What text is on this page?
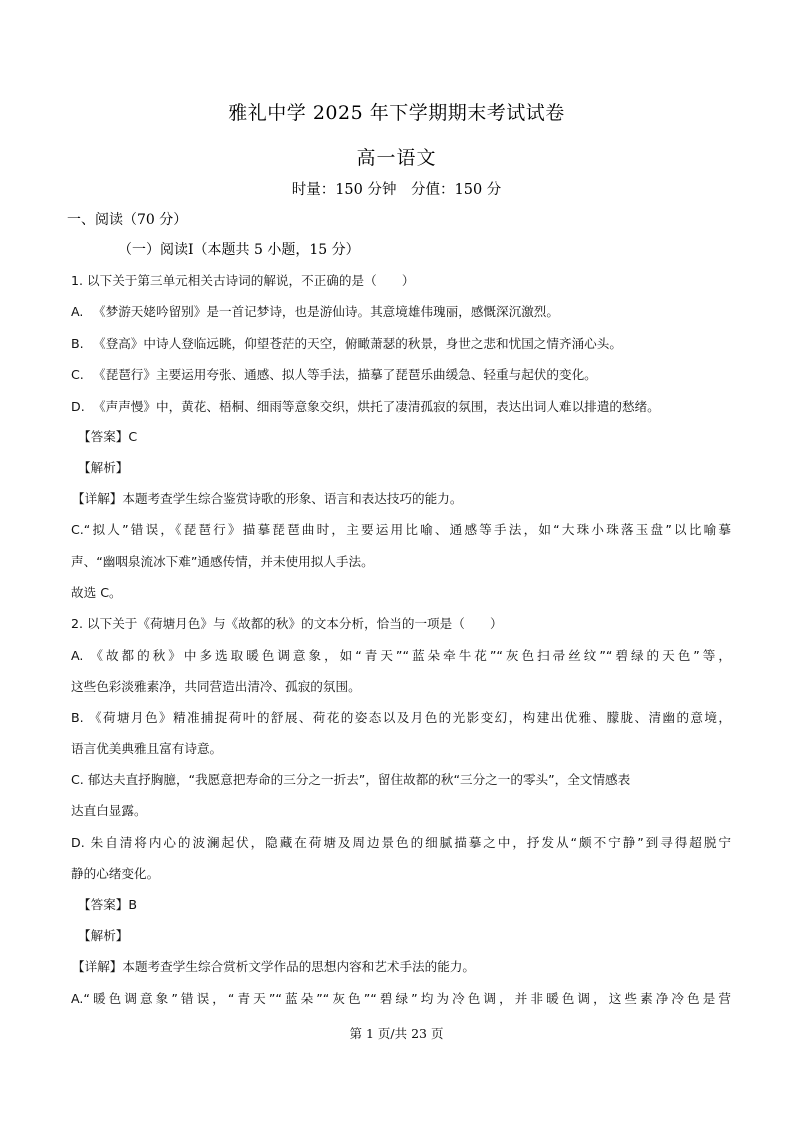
雅礼中学 2025 年下学期期末考试试卷
高一语文
时量：150 分钟　分值：150 分
一、阅读（70 分）
（一）阅读Ⅰ（本题共 5 小题，15 分）
1. 以下关于第三单元相关古诗词的解说，不正确的是（　　）
A. 《梦游天姥吟留别》是一首记梦诗，也是游仙诗。其意境雄伟瑰丽，感慨深沉激烈。
B. 《登高》中诗人登临远眺，仰望苍茫的天空，俯瞰萧瑟的秋景，身世之悲和忧国之情齐涌心头。
C. 《琵琶行》主要运用夸张、通感、拟人等手法，描摹了琵琶乐曲缓急、轻重与起伏的变化。
D. 《声声慢》中，黄花、梧桐、细雨等意象交织，烘托了凄清孤寂的氛围，表达出词人难以排遣的愁绪。
【答案】C
【解析】
【详解】本题考查学生综合鉴赏诗歌的形象、语言和表达技巧的能力。
C.“拟人”错误，《琵琶行》描摹琵琶曲时，主要运用比喻、通感等手法，如“大珠小珠落玉盘”以比喻摹
声、“幽咽泉流冰下难”通感传情，并未使用拟人手法。
故选 C。
2. 以下关于《荷塘月色》与《故都的秋》的文本分析，恰当的一项是（　　）
A. 《故都的秋》中多选取暖色调意象，如“青天”“蓝朵牵牛花”“灰色扫帚丝纹”“碧绿的天色”等，
这些色彩淡雅素净，共同营造出清冷、孤寂的氛围。
B. 《荷塘月色》精准捕捉荷叶的舒展、荷花的姿态以及月色的光影变幻，构建出优雅、朦胧、清幽的意境，
语言优美典雅且富有诗意。
C. 郁达夫直抒胸臆，“我愿意把寿命的三分之一折去”，留住故都的秋“三分之一的零头”，全文情感表
达直白显露。
D. 朱自清将内心的波澜起伏，隐藏在荷塘及周边景色的细腻描摹之中，抒发从“颇不宁静”到寻得超脱宁
静的心绪变化。
【答案】B
【解析】
【详解】本题考查学生综合赏析文学作品的思想内容和艺术手法的能力。
A.“暖色调意象”错误，“青天”“蓝朵”“灰色”“碧绿”均为冷色调，并非暖色调，这些素净冷色是营
第 1 页/共 23 页
